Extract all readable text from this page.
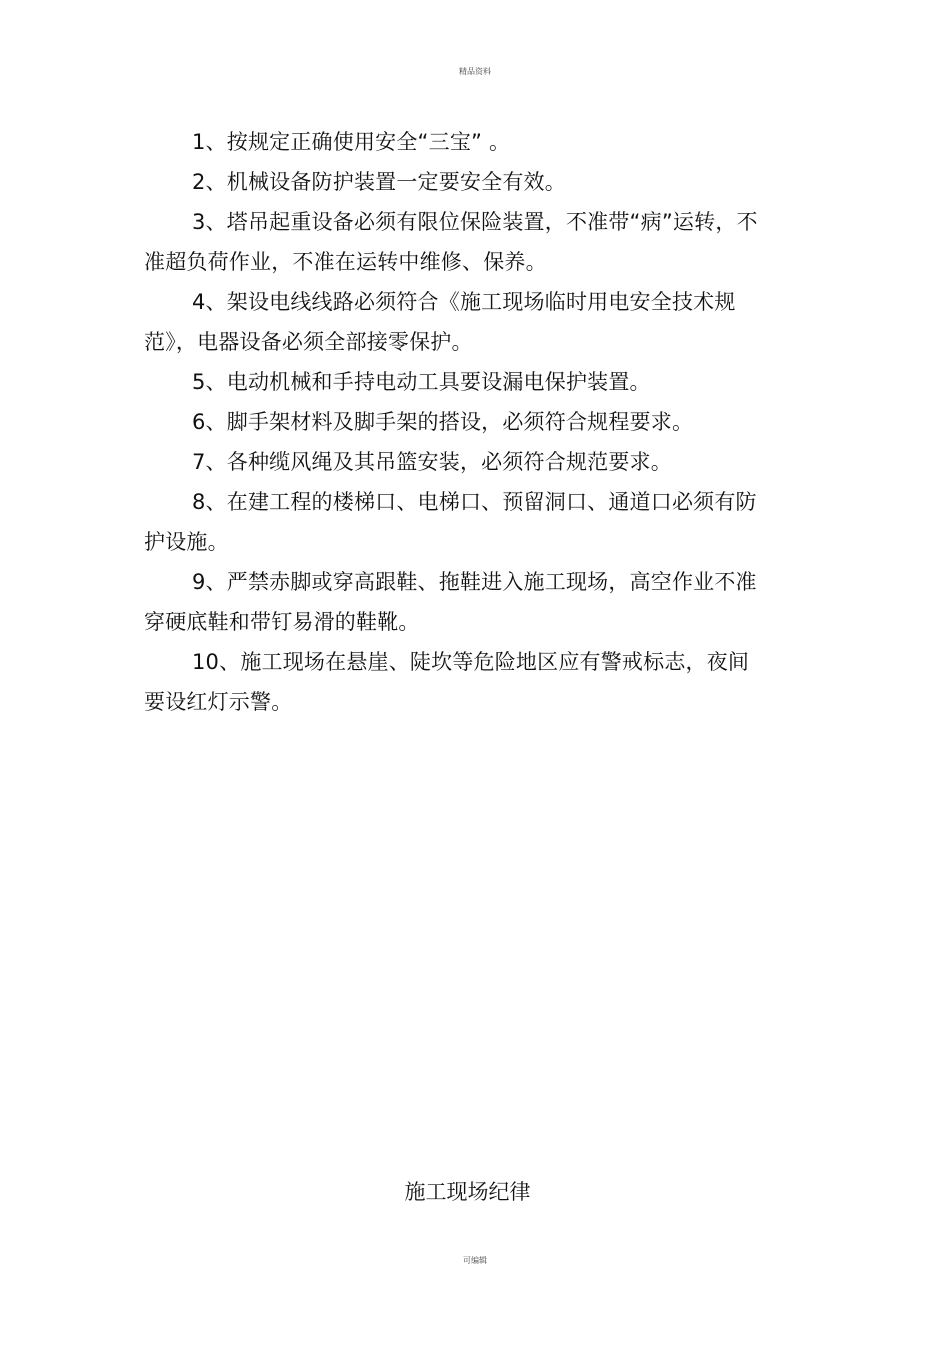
精品资料

1、按规定正确使用安全“三宝” 。

2、机械设备防护装置一定要安全有效。

3、塔吊起重设备必须有限位保险装置，不准带“病”运转，不准超负荷作业，不准在运转中维修、保养。

4、架设电线线路必须符合《施工现场临时用电安全技术规范》，电器设备必须全部接零保护。

5、电动机械和手持电动工具要设漏电保护装置。

6、脚手架材料及脚手架的搭设，必须符合规程要求。

7、各种缆风绳及其吊篮安装，必须符合规范要求。

8、在建工程的楼梯口、电梯口、预留洞口、通道口必须有防护设施。

9、严禁赤脚或穿高跟鞋、拖鞋进入施工现场，高空作业不准穿硬底鞋和带钉易滑的鞋靴。

10、施工现场在悬崖、陡坎等危险地区应有警戒标志，夜间要设红灯示警。

施工现场纪律
可编辑
